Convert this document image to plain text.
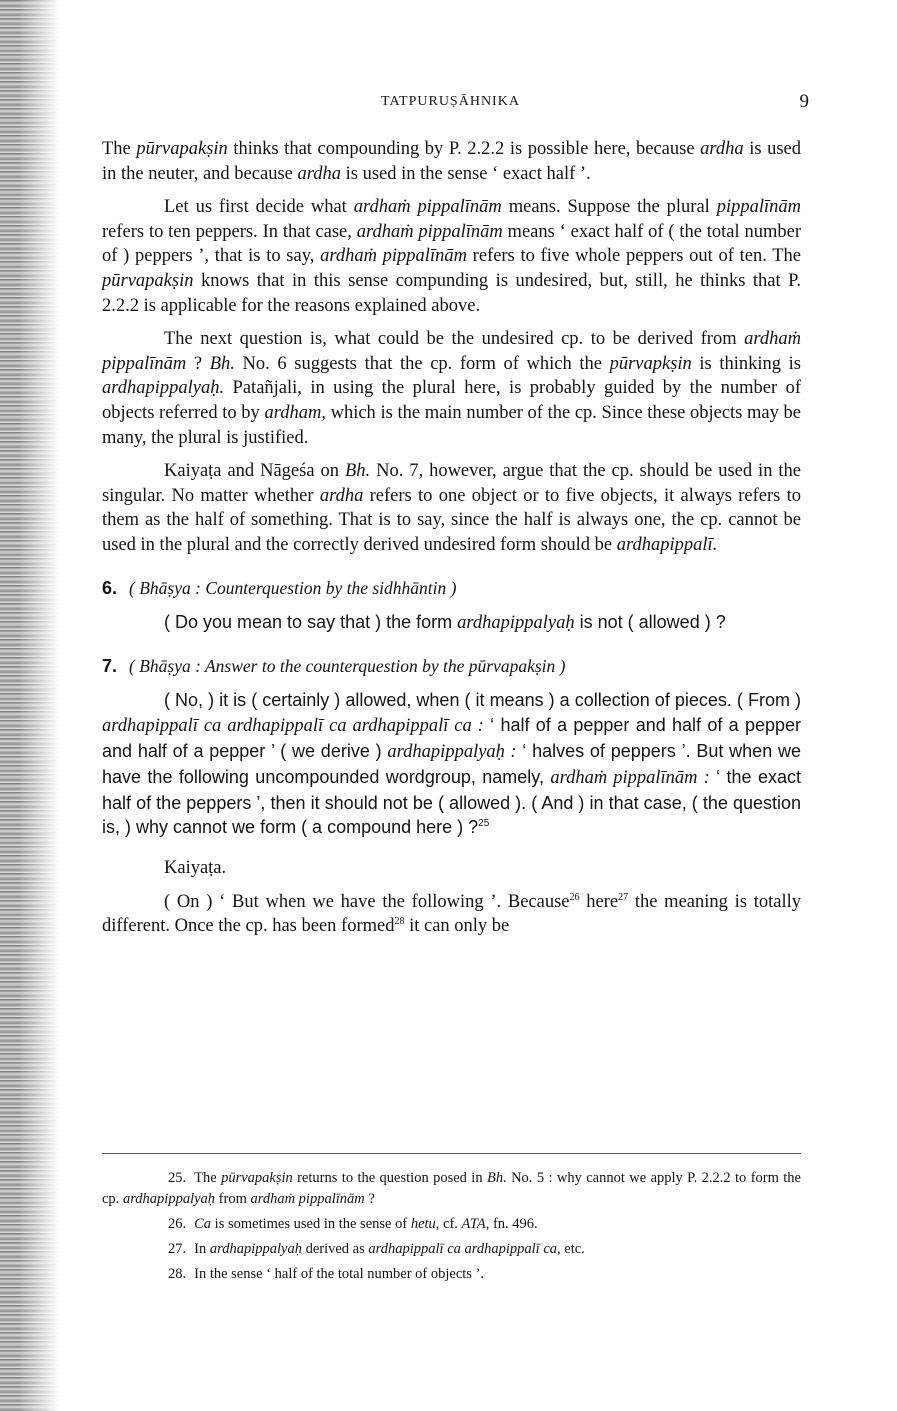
TATPURUṢĀHNIKA	9

The pūrvapakṣin thinks that compounding by P. 2.2.2 is possible here, because ardha is used in the neuter, and because ardha is used in the sense ‘ exact half ’.

Let us first decide what ardhaṁ pippalīnām means. Suppose the plural pippalīnām refers to ten peppers. In that case, ardhaṁ pippalīnām means ‘ exact half of ( the total number of ) peppers ’, that is to say, ardhaṁ pippalīnām refers to five whole peppers out of ten. The pūrvapakṣin knows that in this sense compunding is undesired, but, still, he thinks that P. 2.2.2 is applicable for the reasons explained above.

The next question is, what could be the undesired cp. to be derived from ardhaṁ pippalīnām ? Bh. No. 6 suggests that the cp. form of which the pūrvapkṣin is thinking is ardhapippalyaḥ. Patañjali, in using the plural here, is probably guided by the number of objects referred to by ardham, which is the main number of the cp. Since these objects may be many, the plural is justified.

Kaiyaṭa and Nāgeśa on Bh. No. 7, however, argue that the cp. should be used in the singular. No matter whether ardha refers to one object or to five objects, it always refers to them as the half of something. That is to say, since the half is always one, the cp. cannot be used in the plural and the correctly derived undesired form should be ardhapippalī.

6. ( Bhāṣya : Counterquestion by the sidhhāntin )

( Do you mean to say that ) the form ardhapippalyaḥ is not ( allowed ) ?

7. ( Bhāṣya : Answer to the counterquestion by the pūrvapakṣin )

( No, ) it is ( certainly ) allowed, when ( it means ) a collection of pieces. ( From ) ardhapippalī ca ardhapippalī ca ardhapippalī ca : ‘ half of a pepper and half of a pepper and half of a pepper ’ ( we derive ) ardhapippalyaḥ : ‘ halves of peppers ’. But when we have the following uncompounded wordgroup, namely, ardhaṁ pippalīnām : ‘ the exact half of the peppers ’, then it should not be ( allowed ). ( And ) in that case, ( the question is, ) why cannot we form ( a compound here ) ?$^{25}$

Kaiyaṭa.

( On ) ‘ But when we have the following ’. Because$^{26}$ here$^{27}$ the meaning is totally different. Once the cp. has been formed$^{28}$ it can only be

25. The pūrvapakṣin returns to the question posed in Bh. No. 5 : why cannot we apply P. 2.2.2 to form the cp. ardhapippalyaḥ from ardhaṁ pippalīnām ?

26. Ca is sometimes used in the sense of hetu, cf. ATA, fn. 496.

27. In ardhapippalyaḥ derived as ardhapippalī ca ardhapippalī ca, etc.

28. In the sense ‘ half of the total number of objects ’.
